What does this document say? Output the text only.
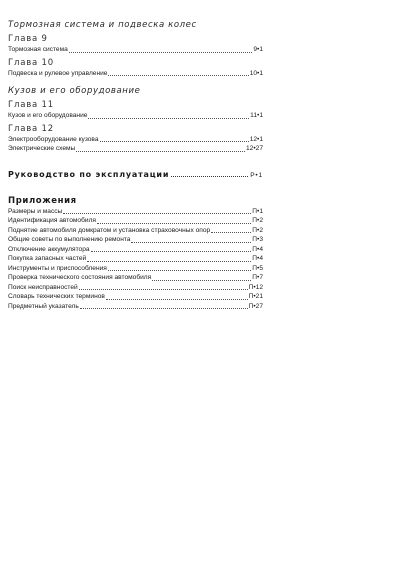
Тормозная система и подвеска колес
Глава 9
Тормозная система	9•1
Глава 10
Подвеска и рулевое управление	10•1
Кузов и его оборудование
Глава 11
Кузов и его оборудование	11•1
Глава 12
Электрооборудование кузова	12•1
Электрические схемы	12•27
Руководство по эксплуатации	Р•1
Приложения
Размеры и массы	П•1
Идентификация автомобиля	П•2
Поднятие автомобиля домкратом и установка страховочных опор	П•2
Общие советы по выполнению ремонта	П•3
Отключение аккумулятора	П•4
Покупка запасных частей	П•4
Инструменты и приспособления	П•5
Проверка технического состояния автомобиля	П•7
Поиск неисправностей	П•12
Словарь технических терминов	П•21
Предметный указатель	П•27
